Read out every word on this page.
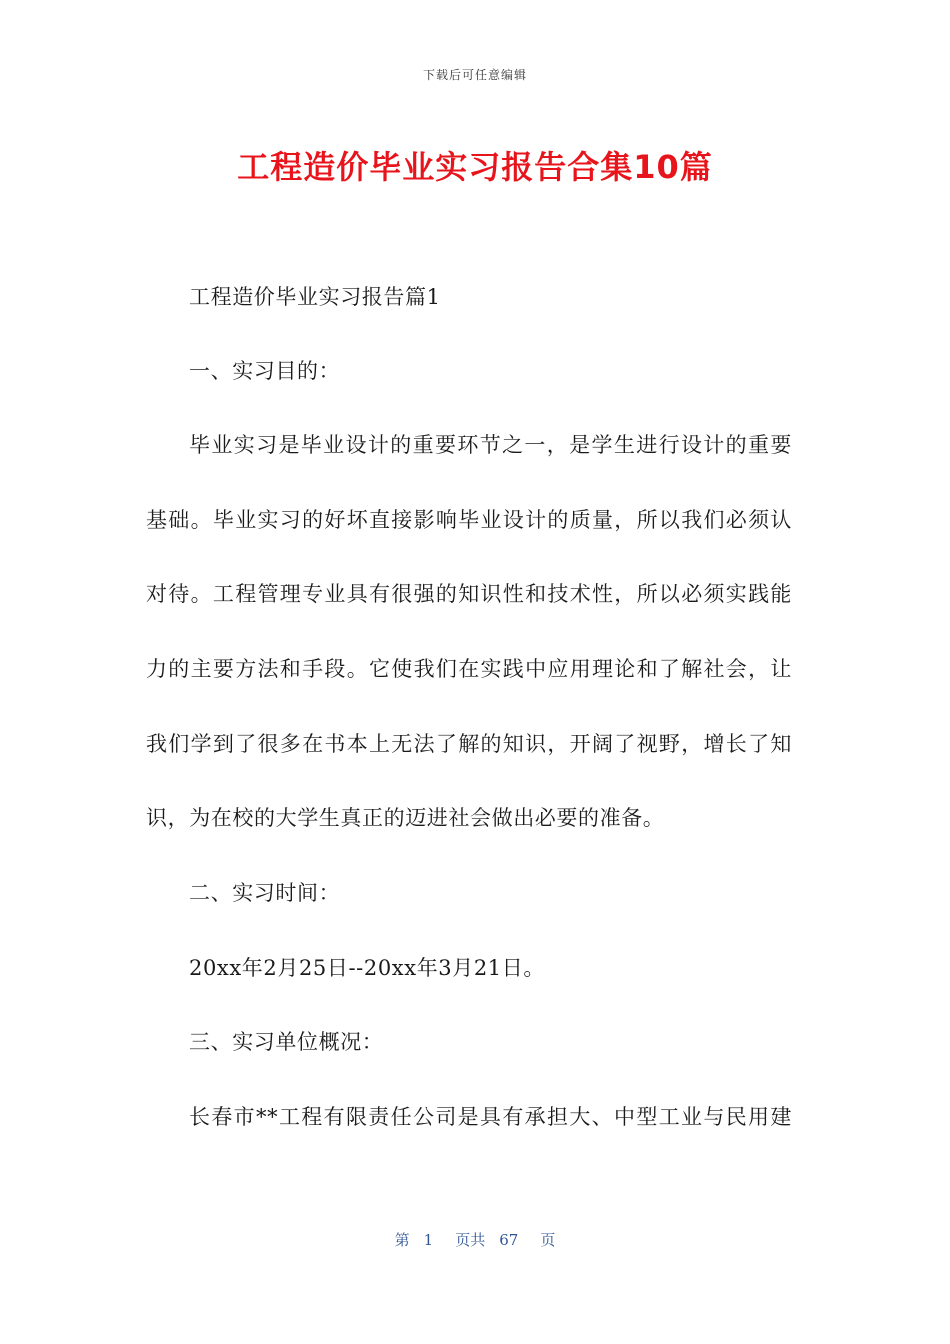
下载后可任意编辑
工程造价毕业实习报告合集10篇
工程造价毕业实习报告篇1
一、实习目的：
毕业实习是毕业设计的重要环节之一，是学生进行设计的重要
基础。毕业实习的好坏直接影响毕业设计的质量，所以我们必须认
对待。工程管理专业具有很强的知识性和技术性，所以必须实践能
力的主要方法和手段。它使我们在实践中应用理论和了解社会，让
我们学到了很多在书本上无法了解的知识，开阔了视野，增长了知
识，为在校的大学生真正的迈进社会做出必要的准备。
二、实习时间：
20xx年2月25日--20xx年3月21日。
三、实习单位概况：
长春市**工程有限责任公司是具有承担大、中型工业与民用建
第 1 页共 67 页
